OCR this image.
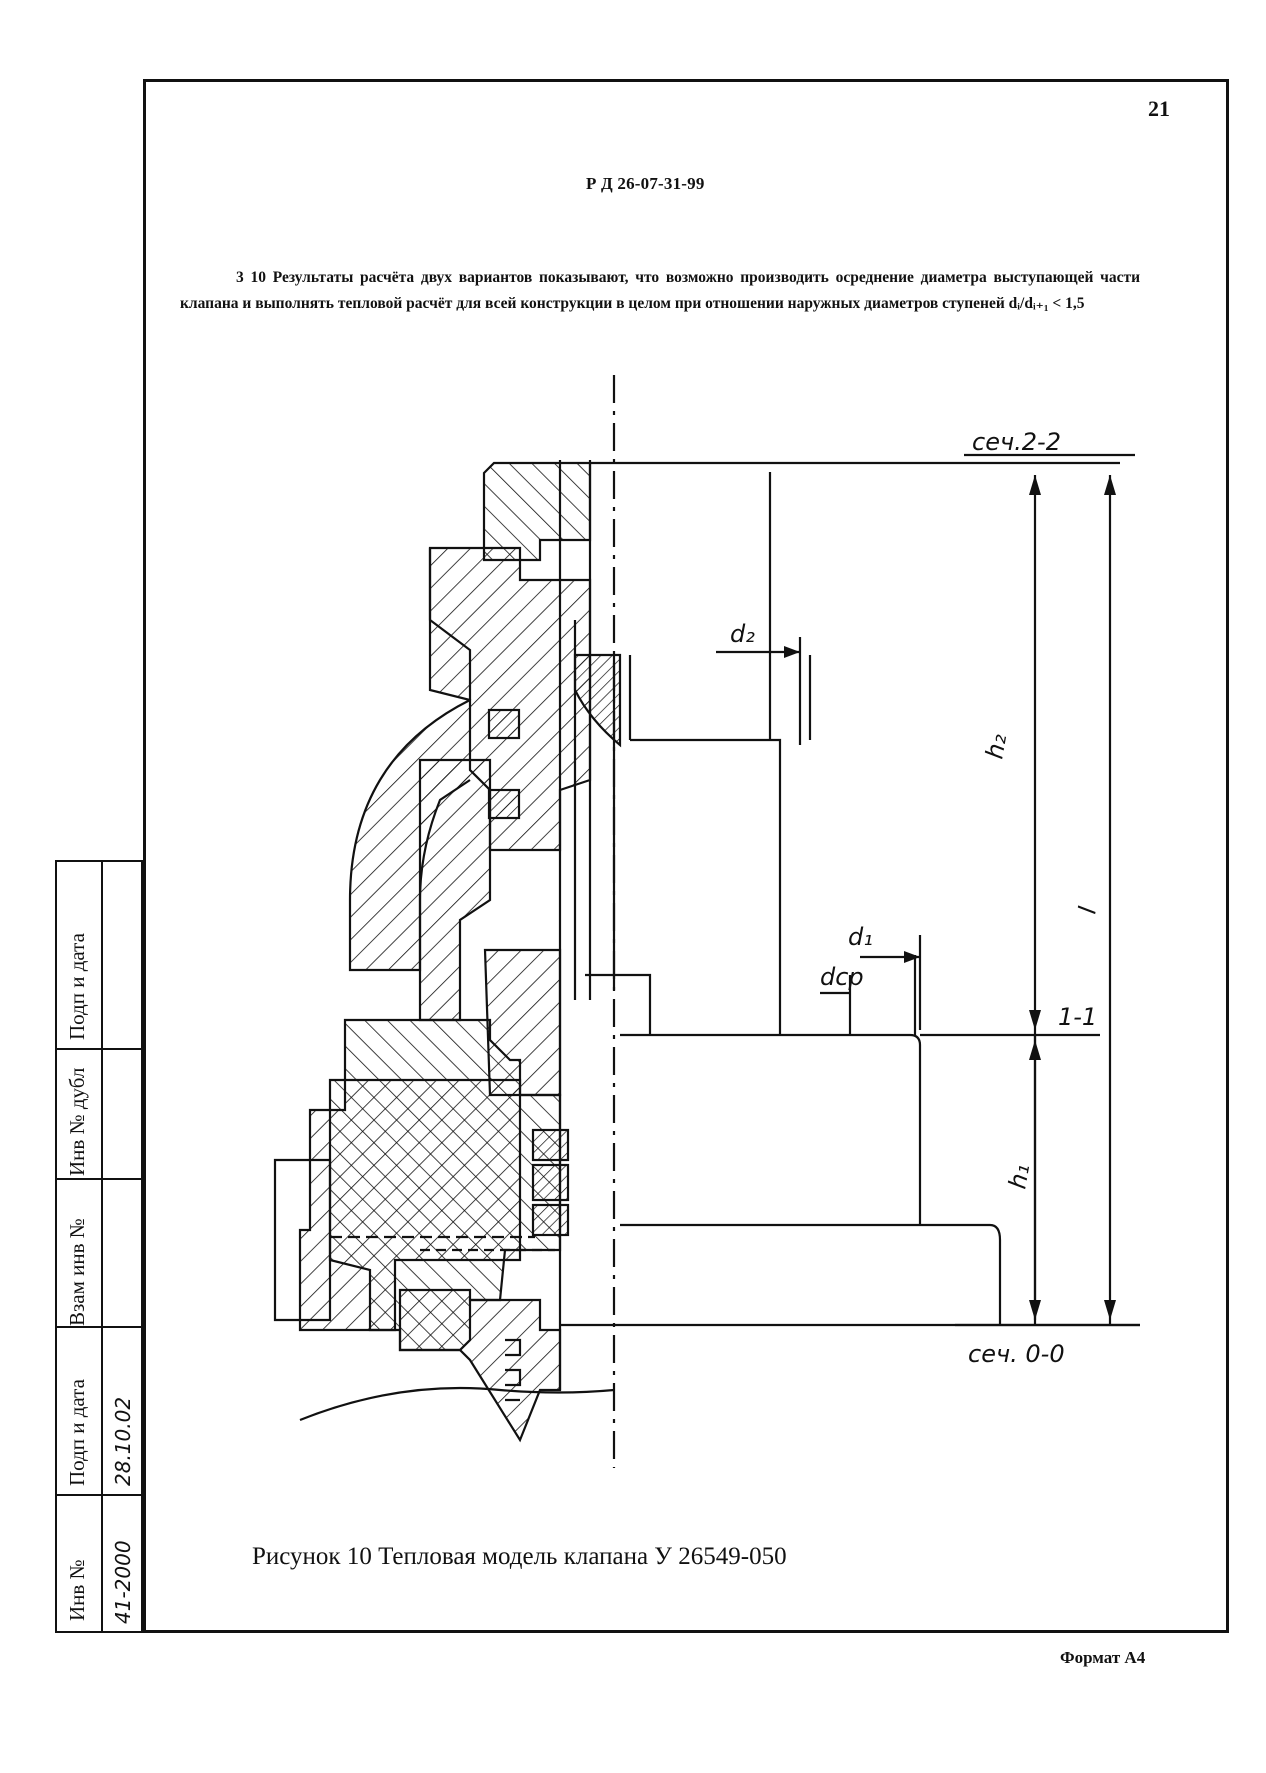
21
Р Д 26-07-31-99

3 10 Результаты расчёта двух вариантов показывают, что возможно производить осреднение диаметра выступающей части клапана и выполнять тепловой расчёт для всей конструкции в целом при отношении наружных диаметров ступеней dᵢ/dᵢ₊₁ < 1,5

сеч.2-2
сеч. 0-0
1-1
d₂
d₁
dср
h₂
h₁
l
Рисунок 10 Тепловая модель клапана У 26549-050
Подп и дата
Инв № дубл
Взам инв №
Подп и дата 28.10.02
Инв № 41-2000
Формат А4
